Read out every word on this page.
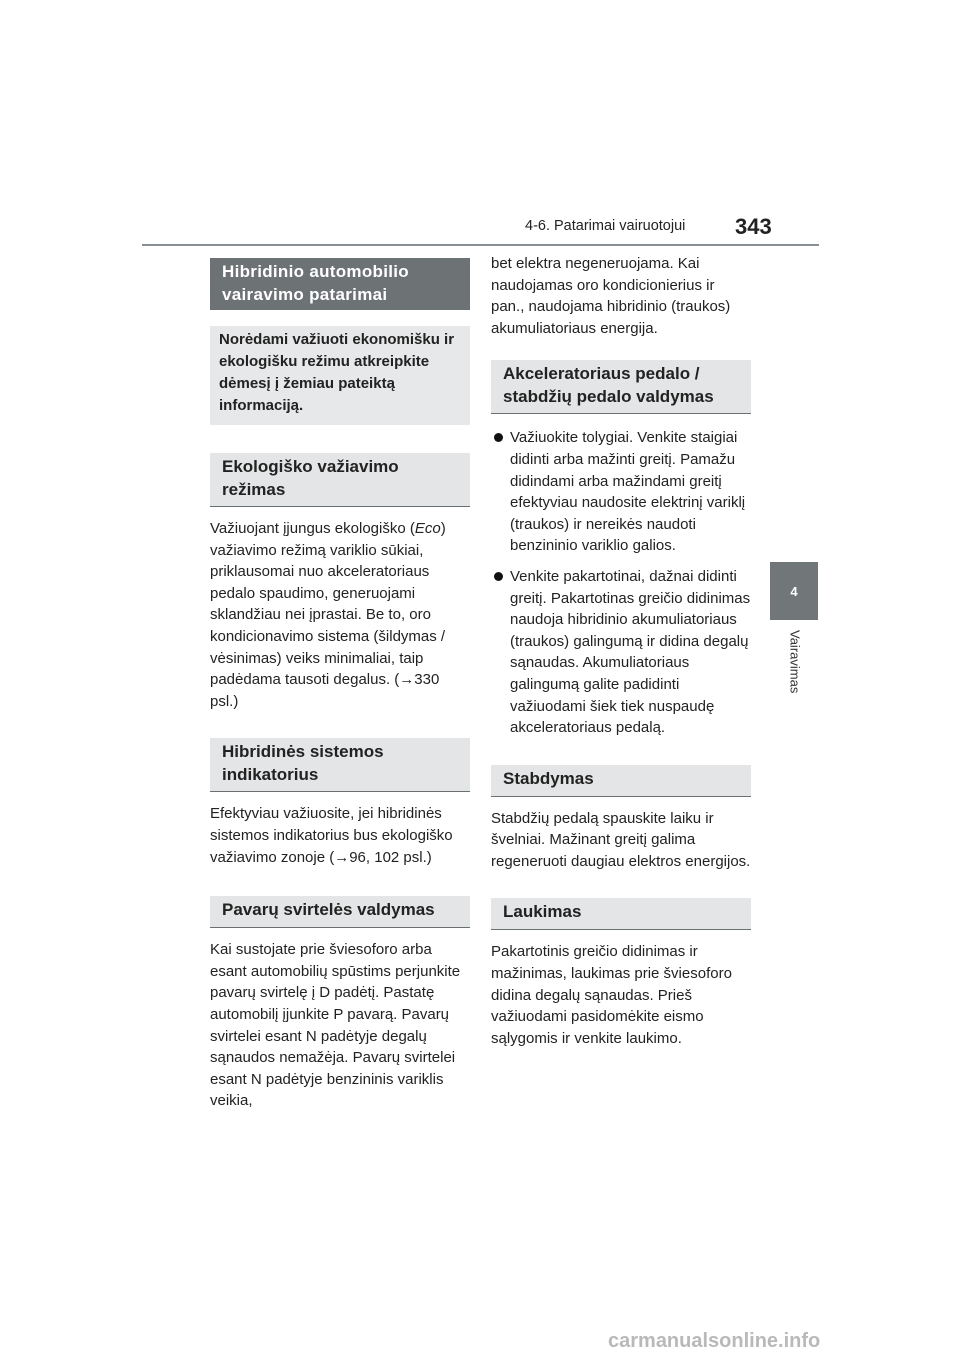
4-6. Patarimai vairuotojui 343
4
Vairavimas
Hibridinio automobilio vairavimo patarimai
Norėdami važiuoti ekonomišku ir ekologišku režimu atkreipkite dėmesį į žemiau pateiktą informaciją.
Ekologiško važiavimo režimas

Važiuojant įjungus ekologiško (Eco) važiavimo režimą variklio sūkiai, priklausomai nuo akceleratoriaus pedalo spaudimo, generuojami sklandžiau nei įprastai. Be to, oro kondicionavimo sistema (šildymas / vėsinimas) veiks minimaliai, taip padėdama tausoti degalus. (→330 psl.)

Hibridinės sistemos indikatorius

Efektyviau važiuosite, jei hibridinės sistemos indikatorius bus ekologiško važiavimo zonoje (→96, 102 psl.)

Pavarų svirtelės valdymas

Kai sustojate prie šviesoforo arba esant automobilių spūstims perjunkite pavarų svirtelę į D padėtį. Pastatę automobilį įjunkite P pavarą. Pavarų svirtelei esant N padėtyje degalų sąnaudos nemažėja. Pavarų svirtelei esant N padėtyje benzininis variklis veikia,

bet elektra negeneruojama. Kai naudojamas oro kondicionierius ir pan., naudojama hibridinio (traukos) akumuliatoriaus energija.

Akceleratoriaus pedalo / stabdžių pedalo valdymas

Važiuokite tolygiai. Venkite staigiai didinti arba mažinti greitį. Pamažu didindami arba mažindami greitį efektyviau naudosite elektrinį variklį (traukos) ir nereikės naudoti benzininio variklio galios.

Venkite pakartotinai, dažnai didinti greitį. Pakartotinas greičio didinimas naudoja hibridinio akumuliatoriaus (traukos) galingumą ir didina degalų sąnaudas. Akumuliatoriaus galingumą galite padidinti važiuodami šiek tiek nuspaudę akceleratoriaus pedalą.

Stabdymas

Stabdžių pedalą spauskite laiku ir švelniai. Mažinant greitį galima regeneruoti daugiau elektros energijos.

Laukimas

Pakartotinis greičio didinimas ir mažinimas, laukimas prie šviesoforo didina degalų sąnaudas. Prieš važiuodami pasidomėkite eismo sąlygomis ir venkite laukimo.

carmanualsonline.info
